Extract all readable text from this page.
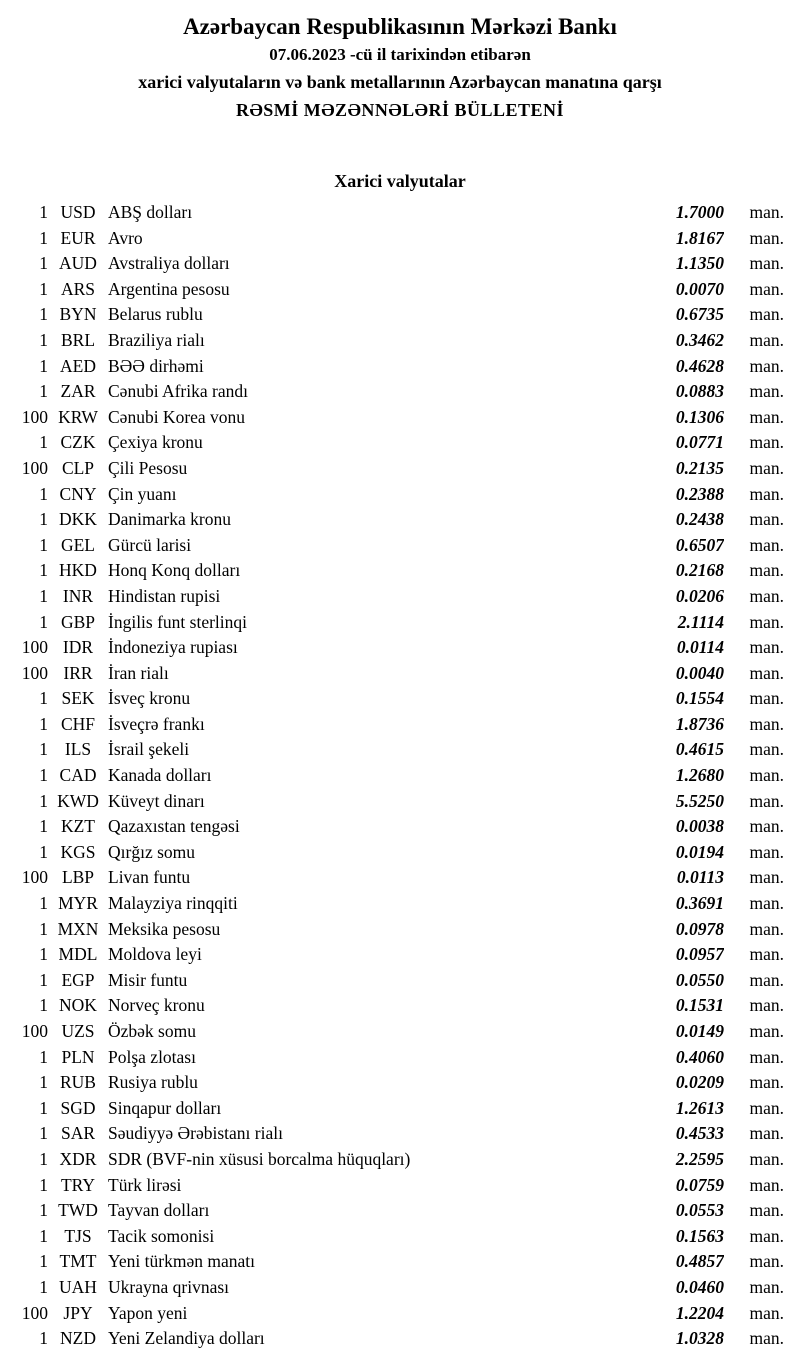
Azərbaycan Respublikasının Mərkəzi Bankı
07.06.2023 -cü il tarixindən etibarən
xarici valyutaların və bank metallarının Azərbaycan manatına qarşı
RƏSMİ MƏZƏNNƏLƏRİ BÜLLETENİ
Xarici valyutalar
1	USD	ABŞ dolları	1.7000	man.
1	EUR	Avro	1.8167	man.
1	AUD	Avstraliya dolları	1.1350	man.
1	ARS	Argentina pesosu	0.0070	man.
1	BYN	Belarus rublu	0.6735	man.
1	BRL	Braziliya rialı	0.3462	man.
1	AED	BƏƏ dirhəmi	0.4628	man.
1	ZAR	Cənubi Afrika randı	0.0883	man.
100	KRW	Cənubi Korea vonu	0.1306	man.
1	CZK	Çexiya kronu	0.0771	man.
100	CLP	Çili Pesosu	0.2135	man.
1	CNY	Çin yuanı	0.2388	man.
1	DKK	Danimarka kronu	0.2438	man.
1	GEL	Gürcü larisi	0.6507	man.
1	HKD	Honq Konq dolları	0.2168	man.
1	INR	Hindistan rupisi	0.0206	man.
1	GBP	İngilis funt sterlinqi	2.1114	man.
100	IDR	İndoneziya rupiası	0.0114	man.
100	IRR	İran rialı	0.0040	man.
1	SEK	İsveç kronu	0.1554	man.
1	CHF	İsveçrə frankı	1.8736	man.
1	ILS	İsrail şekeli	0.4615	man.
1	CAD	Kanada dolları	1.2680	man.
1	KWD	Küveyt dinarı	5.5250	man.
1	KZT	Qazaxıstan tengəsi	0.0038	man.
1	KGS	Qırğız somu	0.0194	man.
100	LBP	Livan funtu	0.0113	man.
1	MYR	Malayziya rinqqiti	0.3691	man.
1	MXN	Meksika pesosu	0.0978	man.
1	MDL	Moldova leyi	0.0957	man.
1	EGP	Misir funtu	0.0550	man.
1	NOK	Norveç kronu	0.1531	man.
100	UZS	Özbək somu	0.0149	man.
1	PLN	Polşa zlotası	0.4060	man.
1	RUB	Rusiya rublu	0.0209	man.
1	SGD	Sinqapur dolları	1.2613	man.
1	SAR	Səudiyyə Ərəbistanı rialı	0.4533	man.
1	XDR	SDR (BVF-nin xüsusi borcalma hüquqları)	2.2595	man.
1	TRY	Türk lirəsi	0.0759	man.
1	TWD	Tayvan dolları	0.0553	man.
1	TJS	Tacik somonisi	0.1563	man.
1	TMT	Yeni türkmən manatı	0.4857	man.
1	UAH	Ukrayna qrivnası	0.0460	man.
100	JPY	Yapon yeni	1.2204	man.
1	NZD	Yeni Zelandiya dolları	1.0328	man.
